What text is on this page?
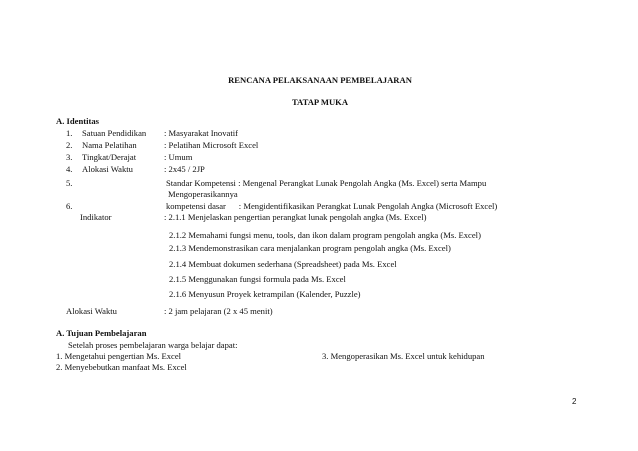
RENCANA PELAKSANAAN PEMBELAJARAN
TATAP MUKA
A. Identitas
1. Satuan Pendidikan : Masyarakat Inovatif
2. Nama Pelatihan	: Pelatihan Microsoft Excel
3. Tingkat/Derajat	: Umum
4. Alokasi Waktu	: 2x45 / 2JP
5.	Standar Kompetensi : Mengenal Perangkat Lunak Pengolah Angka (Ms. Excel) serta Mampu
Mengoperasikannya
6.	kompetensi dasar      : Mengidentifikasikan Perangkat Lunak Pengolah Angka (Microsoft Excel)
Indikator	: 2.1.1 Menjelaskan pengertian perangkat lunak pengolah angka (Ms. Excel)
2.1.2 Memahami fungsi menu, tools, dan ikon dalam program pengolah angka (Ms. Excel)
2.1.3 Mendemonstrasikan cara menjalankan program pengolah angka (Ms. Excel)
2.1.4 Membuat dokumen sederhana (Spreadsheet) pada Ms. Excel
2.1.5 Menggunakan fungsi formula pada Ms. Excel
2.1.6 Menyusun Proyek ketrampilan (Kalender, Puzzle)
Alokasi Waktu	: 2 jam pelajaran (2 x 45 menit)
A. Tujuan Pembelajaran
Setelah proses pembelajaran warga belajar dapat:
1. Mengetahui pengertian Ms. Excel	3. Mengoperasikan Ms. Excel untuk kehidupan
2. Menyebebutkan manfaat Ms. Excel
2
